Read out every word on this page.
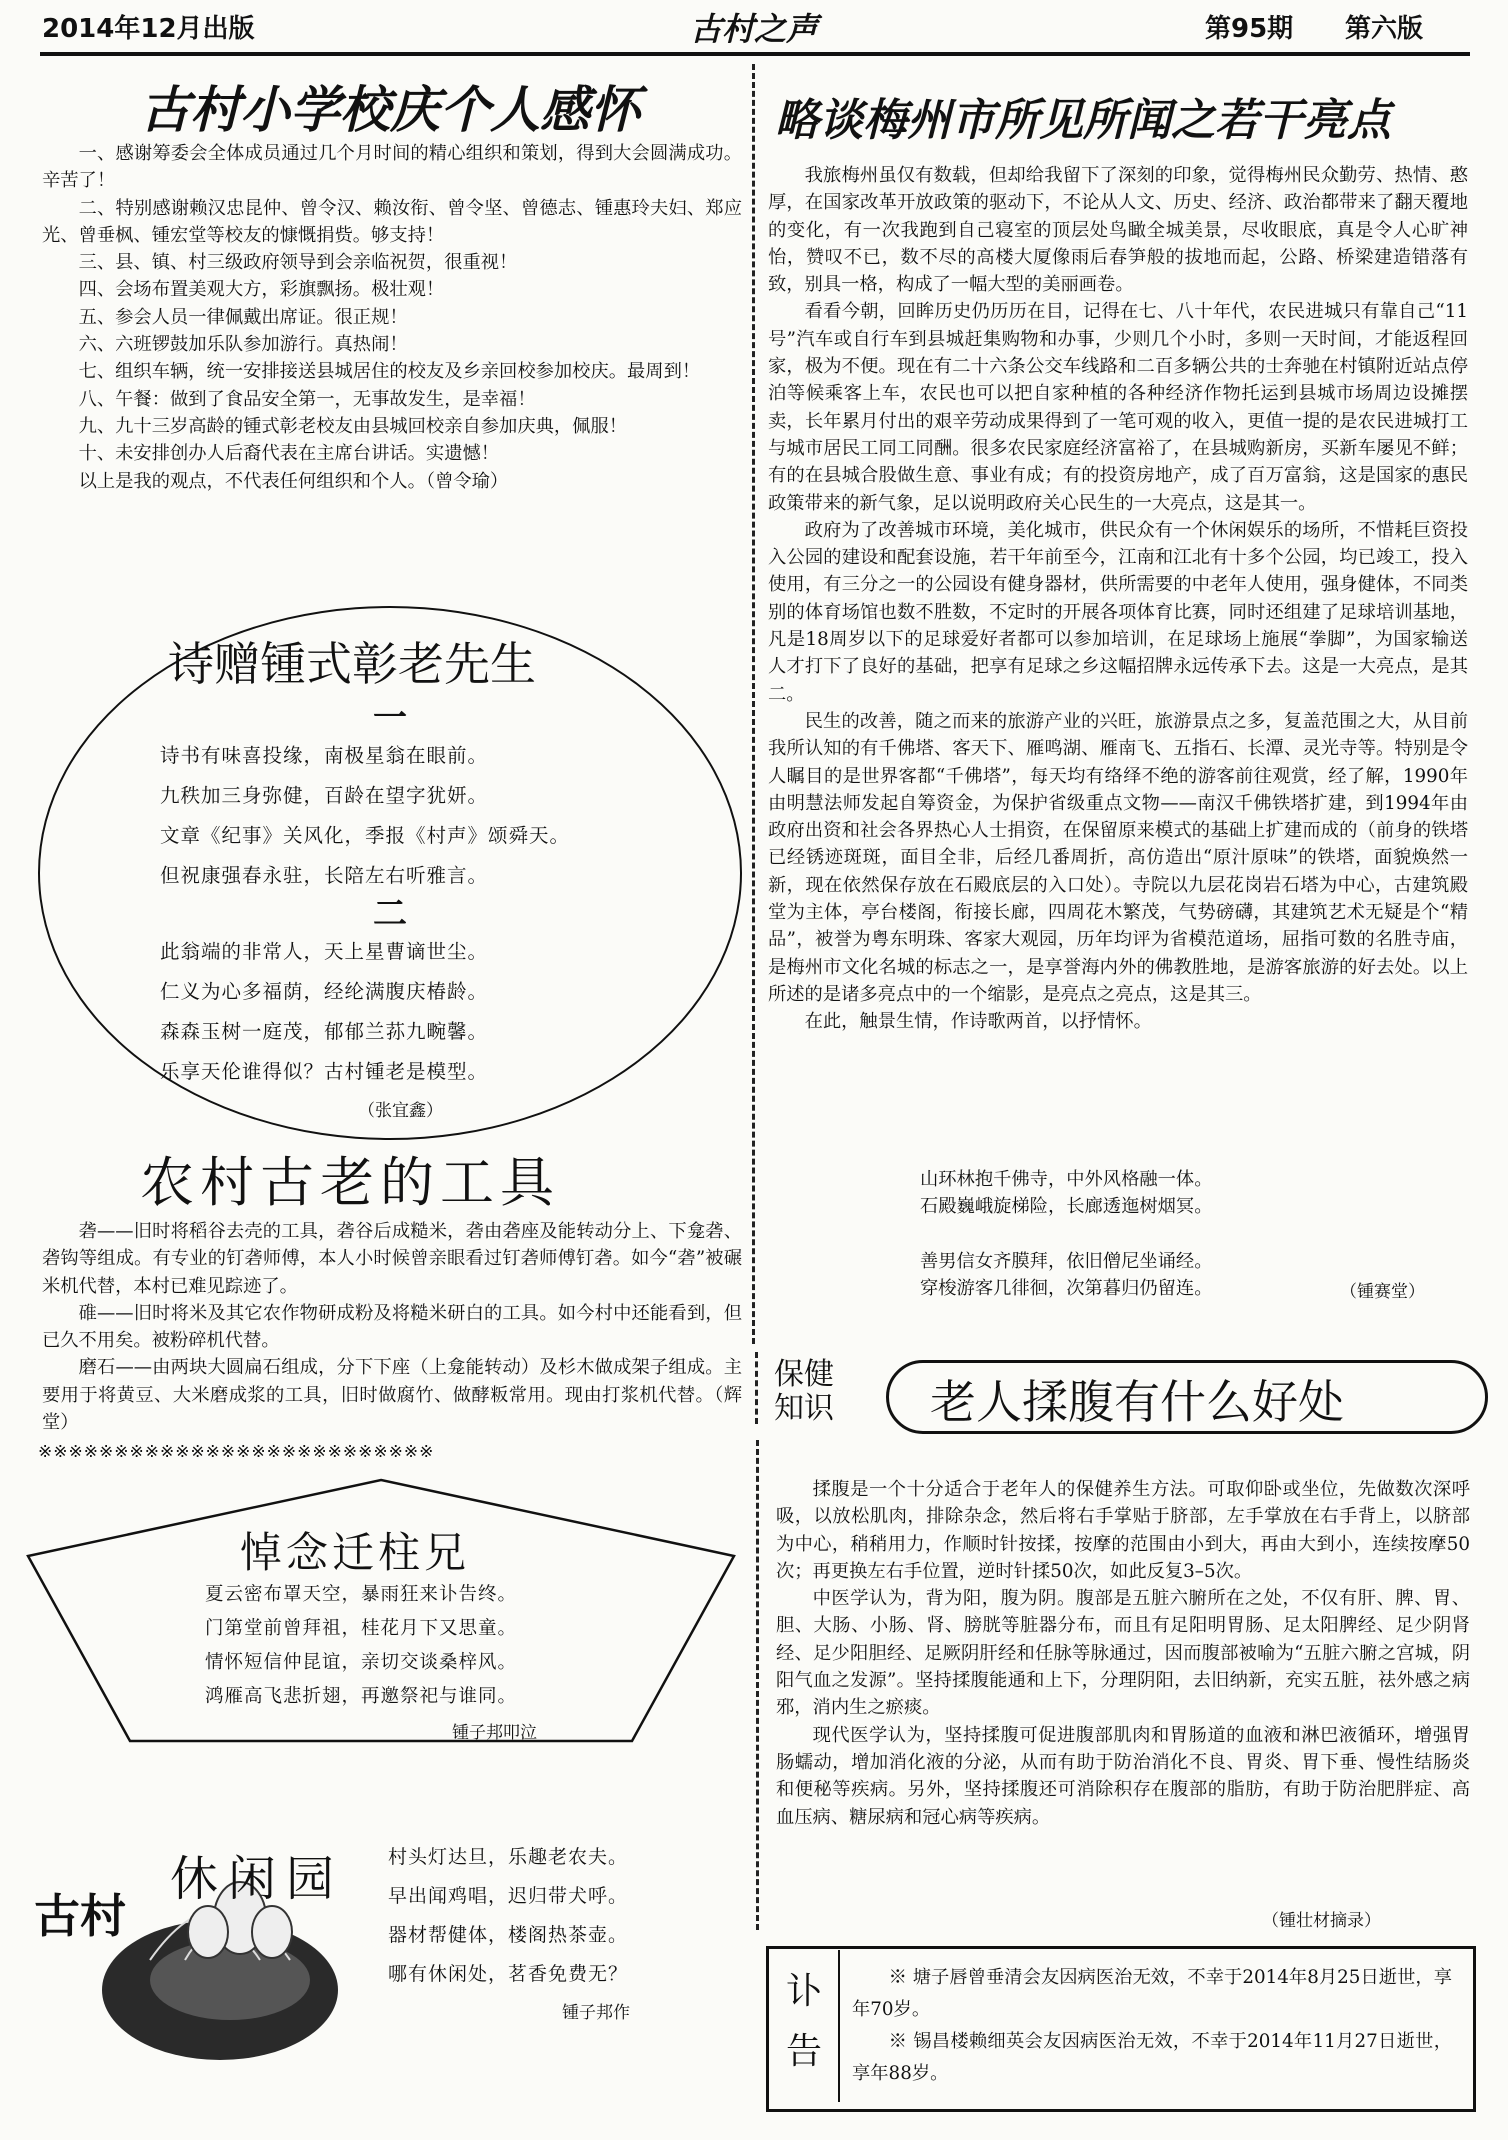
2014年12月出版	古村之声	第95期 第六版
古村小学校庆个人感怀

一、感谢筹委会全体成员通过几个月时间的精心组织和策划，得到大会圆满成功。辛苦了！

二、特别感谢赖汉忠昆仲、曾令汉、赖汝衔、曾令坚、曾德志、锺惠玲夫妇、郑应光、曾垂枫、锺宏堂等校友的慷慨捐赀。够支持！

三、县、镇、村三级政府领导到会亲临祝贺，很重视！

四、会场布置美观大方，彩旗飘扬。极壮观！

五、参会人员一律佩戴出席证。很正规！

六、六班锣鼓加乐队参加游行。真热闹！

七、组织车辆，统一安排接送县城居住的校友及乡亲回校参加校庆。最周到！

八、午餐：做到了食品安全第一，无事故发生，是幸福！

九、九十三岁高龄的锺式彰老校友由县城回校亲自参加庆典，佩服！

十、未安排创办人后裔代表在主席台讲话。实遗憾！

以上是我的观点，不代表任何组织和个人。（曾令瑜）

诗赠锺式彰老先生
一
诗书有味喜投缘，南极星翁在眼前。
九秩加三身弥健，百龄在望字犹妍。
文章《纪事》关风化，季报《村声》颂舜天。
但祝康强春永驻，长陪左右听雅言。
二
此翁端的非常人，天上星曹谪世尘。
仁义为心多福荫，经纶满腹庆椿龄。
森森玉树一庭茂，郁郁兰荪九畹馨。
乐享天伦谁得似？古村锺老是模型。
（张宜鑫）
农村古老的工具

砻——旧时将稻谷去壳的工具，砻谷后成糙米，砻由砻座及能转动分上、下龛砻、砻钩等组成。有专业的钉砻师傅，本人小时候曾亲眼看过钉砻师傅钉砻。如今“砻”被碾米机代替，本村已难见踪迹了。

碓——旧时将米及其它农作物研成粉及将糙米研白的工具。如今村中还能看到，但已久不用矣。被粉碎机代替。

磨石——由两块大圆扁石组成，分下下座（上龛能转动）及杉木做成架子组成。主要用于将黄豆、大米磨成浆的工具，旧时做腐竹、做酵粄常用。现由打浆机代替。（辉堂）

※※※※※※※※※※※※※※※※※※※※※※※※※※
悼念迁柱兄
夏云密布罩天空，暴雨狂来讣告终。
门第堂前曾拜祖，桂花月下又思童。
情怀短信仲昆谊，亲切交谈桑梓风。
鸿雁高飞悲折翅，再邀祭祀与谁同。
锺子邦叩泣
古村
休闲园 村头灯达旦，乐趣老农夫。
早出闻鸡唱，迟归带犬呼。
器材帮健体，楼阁热茶壶。
哪有休闲处，茗香免费无？
锺子邦作
略谈梅州市所见所闻之若干亮点

我旅梅州虽仅有数载，但却给我留下了深刻的印象，觉得梅州民众勤劳、热情、憨厚，在国家改革开放政策的驱动下，不论从人文、历史、经济、政治都带来了翻天覆地的变化，有一次我跑到自己寝室的顶层处鸟瞰全城美景，尽收眼底，真是令人心旷神怡，赞叹不已，数不尽的高楼大厦像雨后春笋般的拔地而起，公路、桥梁建造错落有致，别具一格，构成了一幅大型的美丽画卷。

看看今朝，回眸历史仍历历在目，记得在七、八十年代，农民进城只有靠自己“11号”汽车或自行车到县城赶集购物和办事，少则几个小时，多则一天时间，才能返程回家，极为不便。现在有二十六条公交车线路和二百多辆公共的士奔驰在村镇附近站点停泊等候乘客上车，农民也可以把自家种植的各种经济作物托运到县城市场周边设摊摆卖，长年累月付出的艰辛劳动成果得到了一笔可观的收入，更值一提的是农民进城打工与城市居民工同工同酬。很多农民家庭经济富裕了，在县城购新房，买新车屡见不鲜；有的在县城合股做生意、事业有成；有的投资房地产，成了百万富翁，这是国家的惠民政策带来的新气象，足以说明政府关心民生的一大亮点，这是其一。

政府为了改善城市环境，美化城市，供民众有一个休闲娱乐的场所，不惜耗巨资投入公园的建设和配套设施，若干年前至今，江南和江北有十多个公园，均已竣工，投入使用，有三分之一的公园设有健身器材，供所需要的中老年人使用，强身健体，不同类别的体育场馆也数不胜数，不定时的开展各项体育比赛，同时还组建了足球培训基地，凡是18周岁以下的足球爱好者都可以参加培训，在足球场上施展“拳脚”，为国家输送人才打下了良好的基础，把享有足球之乡这幅招牌永远传承下去。这是一大亮点，是其二。

民生的改善，随之而来的旅游产业的兴旺，旅游景点之多，复盖范围之大，从目前我所认知的有千佛塔、客天下、雁鸣湖、雁南飞、五指石、长潭、灵光寺等。特别是令人瞩目的是世界客都“千佛塔”，每天均有络绎不绝的游客前往观赏，经了解，1990年由明慧法师发起自筹资金，为保护省级重点文物——南汉千佛铁塔扩建，到1994年由政府出资和社会各界热心人士捐资，在保留原来模式的基础上扩建而成的（前身的铁塔已经锈迹斑斑，面目全非，后经几番周折，高仿造出“原汁原味”的铁塔，面貌焕然一新，现在依然保存放在石殿底层的入口处）。寺院以九层花岗岩石塔为中心，古建筑殿堂为主体，亭台楼阁，衔接长廊，四周花木繁茂，气势磅礴，其建筑艺术无疑是个“精品”，被誉为粤东明珠、客家大观园，历年均评为省模范道场，屈指可数的名胜寺庙，是梅州市文化名城的标志之一，是享誉海内外的佛教胜地，是游客旅游的好去处。以上所述的是诸多亮点中的一个缩影，是亮点之亮点，这是其三。

在此，触景生情，作诗歌两首，以抒情怀。

山环林抱千佛寺，中外风格融一体。
石殿巍峨旋梯险，长廊透迤树烟冥。
善男信女齐膜拜，依旧僧尼坐诵经。
穿梭游客几徘徊，次第暮归仍留连。	（锺赛堂）
保健
知识 老人揉腹有什么好处

揉腹是一个十分适合于老年人的保健养生方法。可取仰卧或坐位，先做数次深呼吸，以放松肌肉，排除杂念，然后将右手掌贴于脐部，左手掌放在右手背上，以脐部为中心，稍稍用力，作顺时针按揉，按摩的范围由小到大，再由大到小，连续按摩50次；再更换左右手位置，逆时针揉50次，如此反复3–5次。

中医学认为，背为阳，腹为阴。腹部是五脏六腑所在之处，不仅有肝、脾、胃、胆、大肠、小肠、肾、膀胱等脏器分布，而且有足阳明胃肠、足太阳脾经、足少阴肾经、足少阳胆经、足厥阴肝经和任脉等脉通过，因而腹部被喻为“五脏六腑之宫城，阴阳气血之发源”。坚持揉腹能通和上下，分理阴阳，去旧纳新，充实五脏，祛外感之病邪，消内生之瘀痰。

现代医学认为，坚持揉腹可促进腹部肌肉和胃肠道的血液和淋巴液循环，增强胃肠蠕动，增加消化液的分泌，从而有助于防治消化不良、胃炎、胃下垂、慢性结肠炎和便秘等疾病。另外，坚持揉腹还可消除积存在腹部的脂肪，有助于防治肥胖症、高血压病、糖尿病和冠心病等疾病。

（锺壮材摘录）
讣
告

※ 塘子唇曾垂清会友因病医治无效，不幸于2014年8月25日逝世，享年70岁。

※ 锡昌楼赖细英会友因病医治无效，不幸于2014年11月27日逝世，享年88岁。
